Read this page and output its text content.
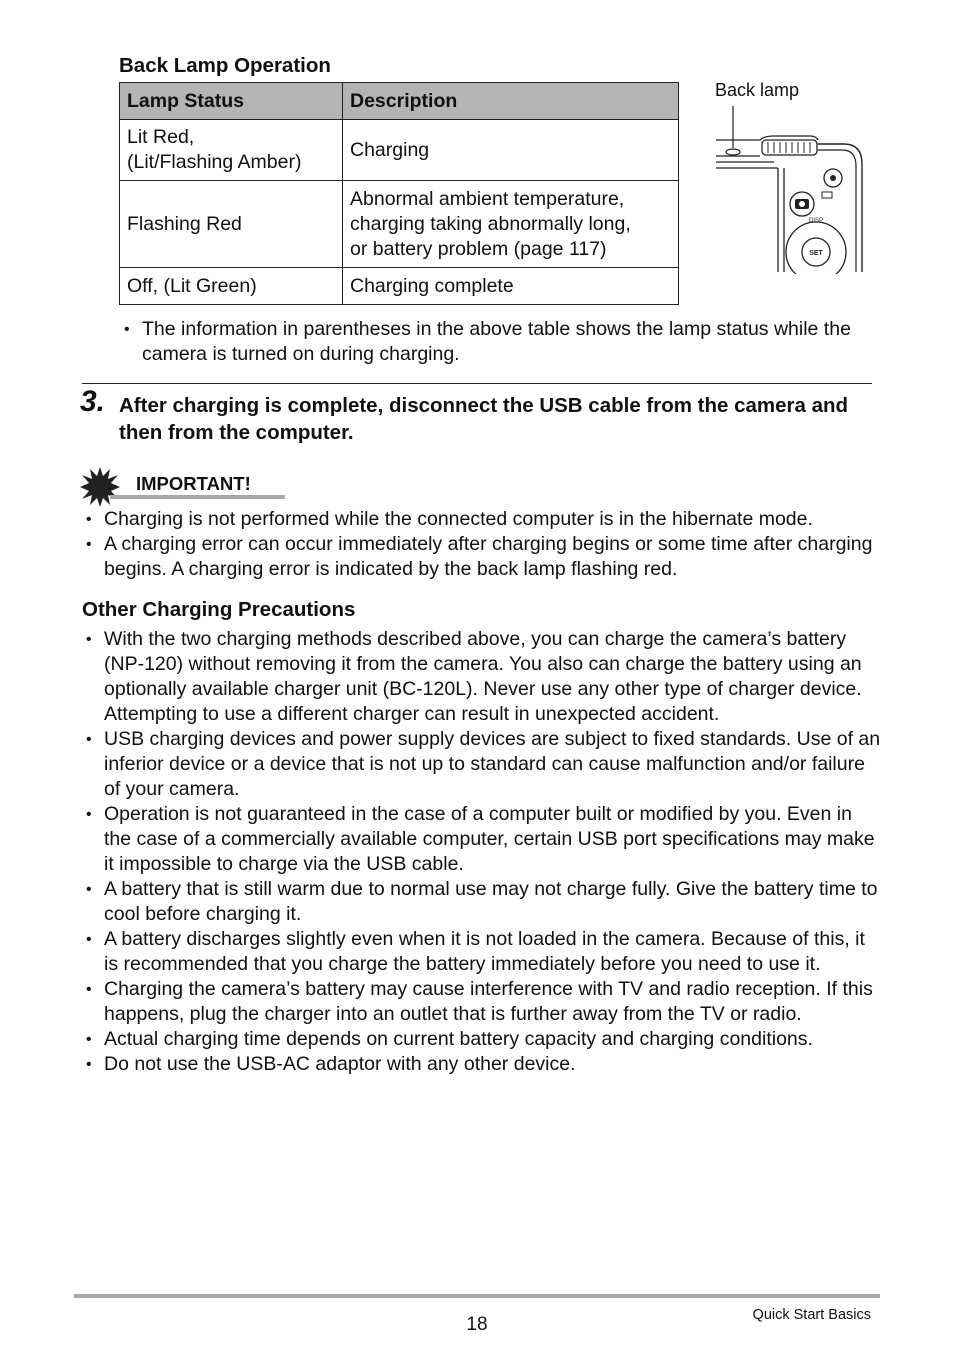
Back Lamp Operation
Lamp Status	Description
Lit Red,
(Lit/Flashing Amber)	Charging
Flashing Red	Abnormal ambient temperature,
charging taking abnormally long,
or battery problem (page 117)
Off, (Lit Green)	Charging complete
Back lamp
DISP
SET
• The information in parentheses in the above table shows the lamp status while the camera is turned on during charging.
3. After charging is complete, disconnect the USB cable from the camera and then from the computer.
IMPORTANT!
• Charging is not performed while the connected computer is in the hibernate mode.
• A charging error can occur immediately after charging begins or some time after charging begins. A charging error is indicated by the back lamp flashing red.
Other Charging Precautions
• With the two charging methods described above, you can charge the camera’s battery (NP-120) without removing it from the camera. You also can charge the battery using an optionally available charger unit (BC-120L). Never use any other type of charger device. Attempting to use a different charger can result in unexpected accident.
• USB charging devices and power supply devices are subject to fixed standards. Use of an inferior device or a device that is not up to standard can cause malfunction and/or failure of your camera.
• Operation is not guaranteed in the case of a computer built or modified by you. Even in the case of a commercially available computer, certain USB port specifications may make it impossible to charge via the USB cable.
• A battery that is still warm due to normal use may not charge fully. Give the battery time to cool before charging it.
• A battery discharges slightly even when it is not loaded in the camera. Because of this, it is recommended that you charge the battery immediately before you need to use it.
• Charging the camera’s battery may cause interference with TV and radio reception. If this happens, plug the charger into an outlet that is further away from the TV or radio.
• Actual charging time depends on current battery capacity and charging conditions.
• Do not use the USB-AC adaptor with any other device.
18	Quick Start Basics
